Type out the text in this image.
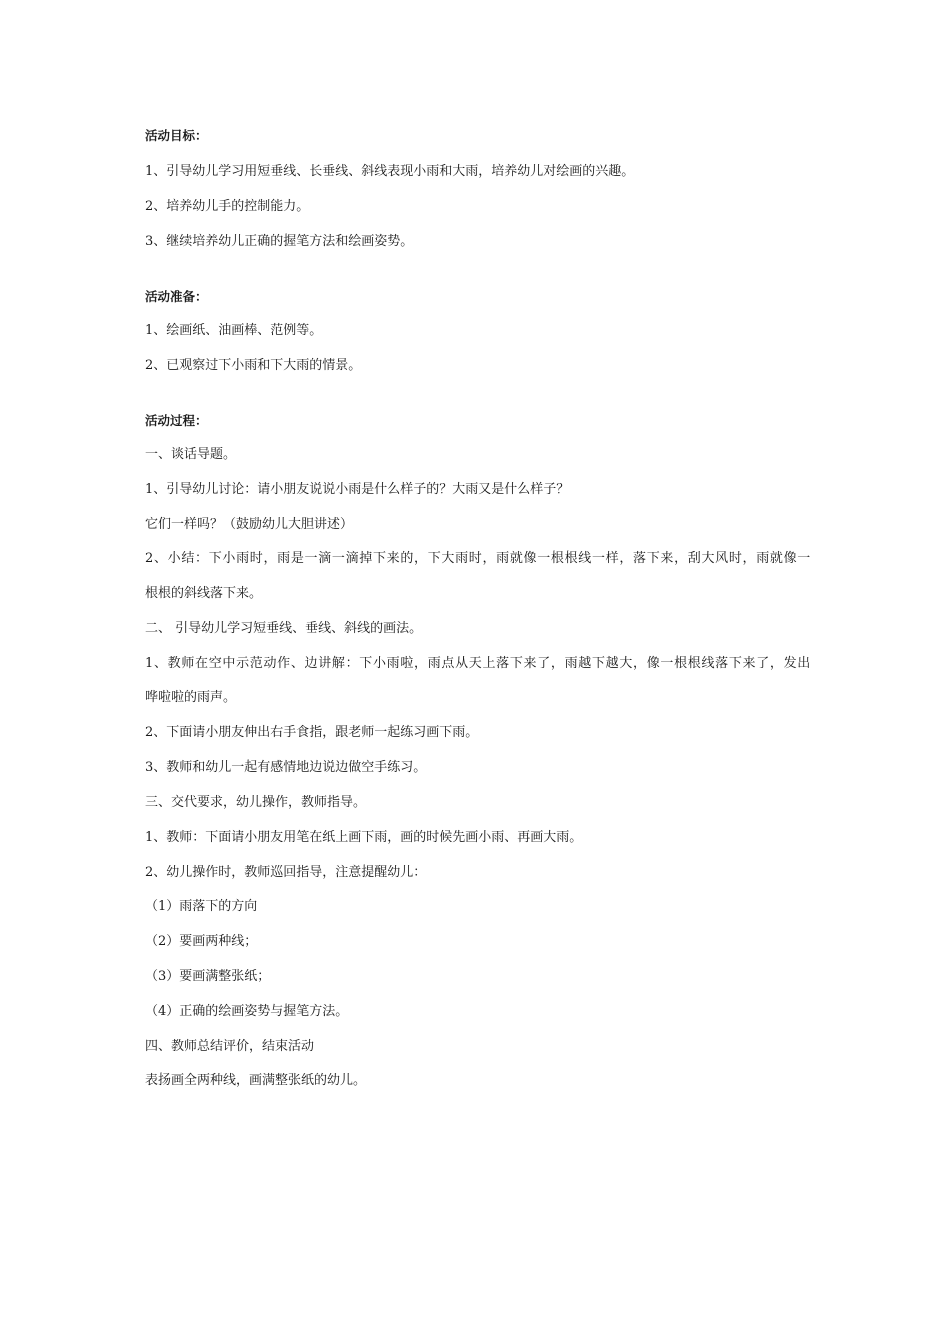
活动目标：
1、引导幼儿学习用短垂线、长垂线、斜线表现小雨和大雨，培养幼儿对绘画的兴趣。
2、培养幼儿手的控制能力。
3、继续培养幼儿正确的握笔方法和绘画姿势。
活动准备：
1、绘画纸、油画棒、范例等。
2、已观察过下小雨和下大雨的情景。
活动过程：
一、谈话导题。
1、引导幼儿讨论：请小朋友说说小雨是什么样子的？大雨又是什么样子？
它们一样吗？（鼓励幼儿大胆讲述）
2、小结：下小雨时，雨是一滴一滴掉下来的，下大雨时，雨就像一根根线一样，落下来，刮大风时，雨就像一
根根的斜线落下来。
二、 引导幼儿学习短垂线、垂线、斜线的画法。
1、教师在空中示范动作、边讲解：下小雨啦，雨点从天上落下来了，雨越下越大，像一根根线落下来了，发出
哗啦啦的雨声。
2、下面请小朋友伸出右手食指，跟老师一起练习画下雨。
3、教师和幼儿一起有感情地边说边做空手练习。
三、交代要求，幼儿操作，教师指导。
1、教师：下面请小朋友用笔在纸上画下雨，画的时候先画小雨、再画大雨。
2、幼儿操作时，教师巡回指导，注意提醒幼儿：
（1）雨落下的方向
（2）要画两种线；
（3）要画满整张纸；
（4）正确的绘画姿势与握笔方法。
四、教师总结评价，结束活动
表扬画全两种线，画满整张纸的幼儿。
